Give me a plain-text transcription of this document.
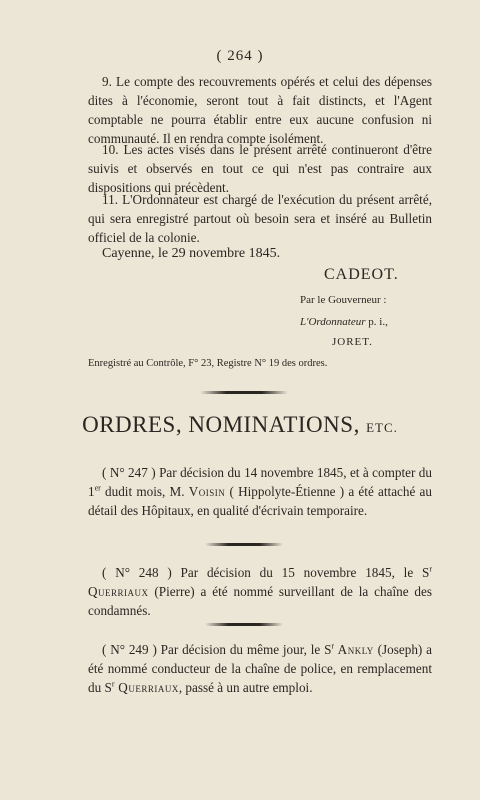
( 264 )

9. Le compte des recouvrements opérés et celui des dépenses dites à l'économie, seront tout à fait distincts, et l'Agent comptable ne pourra établir entre eux aucune confusion ni communauté. Il en rendra compte isolément.

10. Les actes visés dans le présent arrêté continueront d'être suivis et observés en tout ce qui n'est pas contraire aux dispositions qui précèdent.

11. L'Ordonnateur est chargé de l'exécution du présent arrêté, qui sera enregistré partout où besoin sera et inséré au Bulletin officiel de la colonie.

Cayenne, le 29 novembre 1845.
CADEOT.
Par le Gouverneur :
L'Ordonnateur p. i.,
JORET.
Enregistré au Contrôle, F° 23, Registre N° 19 des ordres.
ORDRES, NOMINATIONS, ETC.

( N° 247 ) Par décision du 14 novembre 1845, et à compter du 1er dudit mois, M. Voisin ( Hippolyte-Étienne ) a été attaché au détail des Hôpitaux, en qualité d'écrivain temporaire.

( N° 248 ) Par décision du 15 novembre 1845, le $S^r$ Querriaux (Pierre) a été nommé surveillant de la chaîne des condamnés.

( N° 249 ) Par décision du même jour, le $S^r$ Ankly (Joseph) a été nommé conducteur de la chaîne de police, en remplacement du $S^r$ Querriaux, passé à un autre emploi.
